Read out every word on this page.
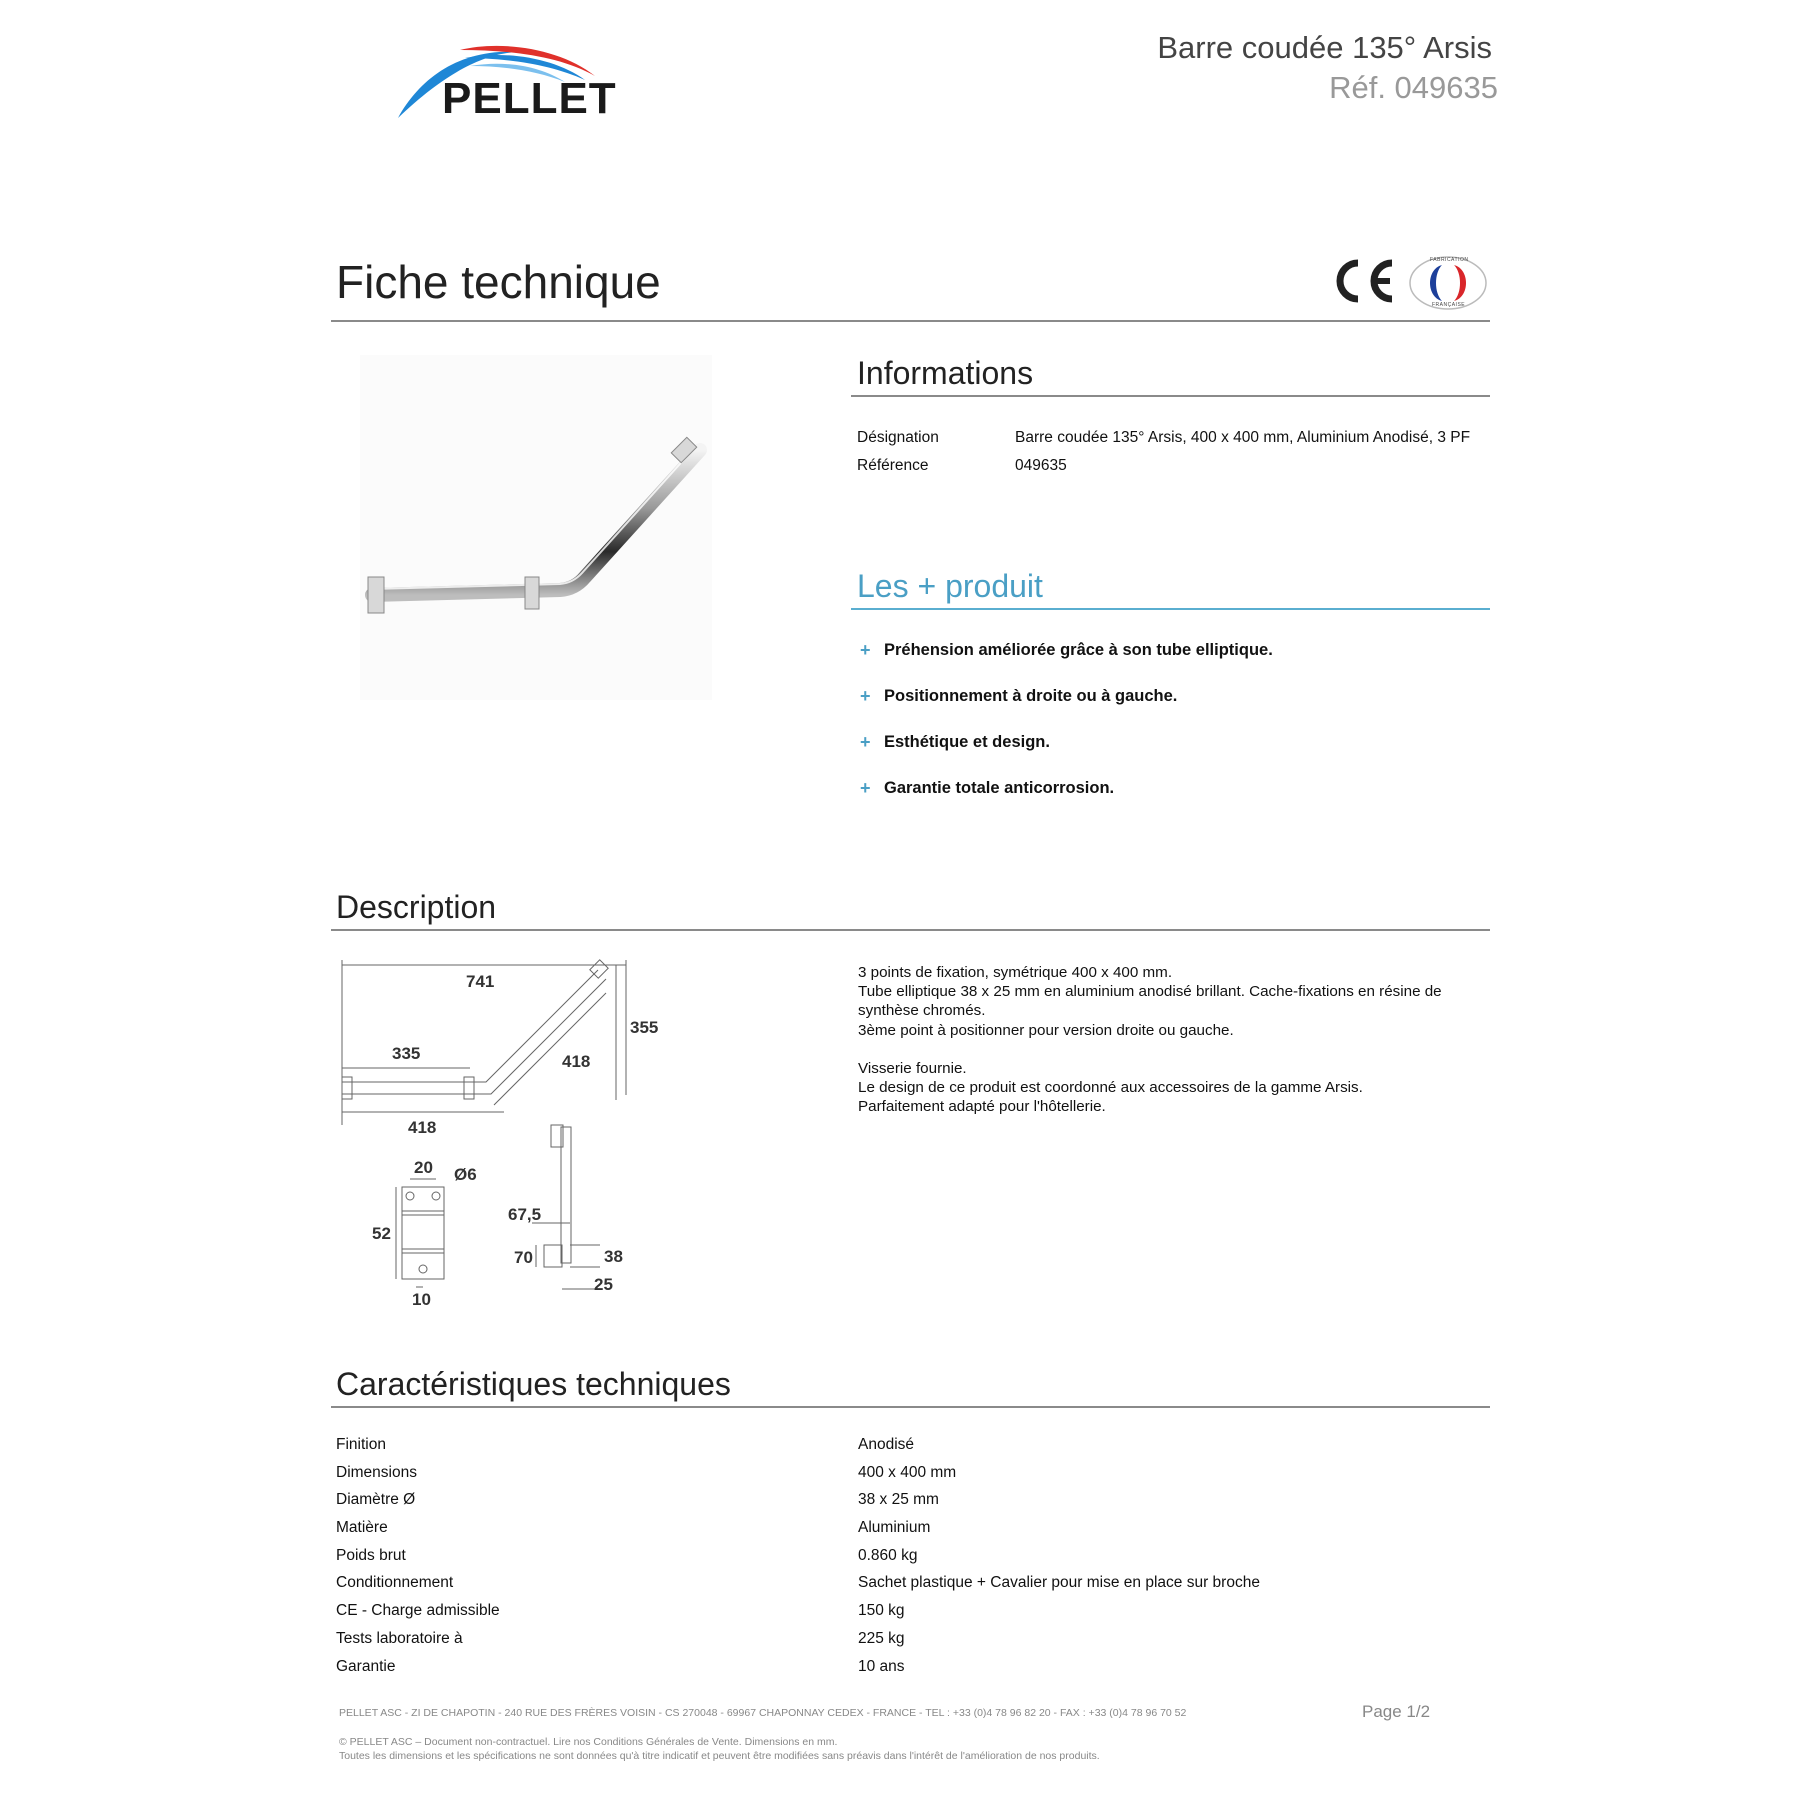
PELLET
Barre coudée 135° Arsis
Réf. 049635
Fiche technique	FABRICATION
FRANÇAISE
Informations
Désignation	Barre coudée 135° Arsis, 400 x 400 mm, Aluminium Anodisé, 3 PF
Référence	049635
Les + produit
+ Préhension améliorée grâce à son tube elliptique.
+ Positionnement à droite ou à gauche.
+ Esthétique et design.
+ Garantie totale anticorrosion.
Description
741
355
335	418
418
20 Ø6
52
10
67,5
70	38
25

3 points de fixation, symétrique 400 x 400 mm.

Tube elliptique 38 x 25 mm en aluminium anodisé brillant. Cache-fixations en résine de synthèse chromés.

3ème point à positionner pour version droite ou gauche.

Visserie fournie.

Le design de ce produit est coordonné aux accessoires de la gamme Arsis.

Parfaitement adapté pour l'hôtellerie.

Caractéristiques techniques
Finition	Anodisé
Dimensions	400 x 400 mm
Diamètre Ø	38 x 25 mm
Matière	Aluminium
Poids brut	0.860 kg
Conditionnement	Sachet plastique + Cavalier pour mise en place sur broche
CE - Charge admissible	150 kg
Tests laboratoire à	225 kg
Garantie	10 ans
PELLET ASC - ZI DE CHAPOTIN - 240 RUE DES FRÈRES VOISIN - CS 270048 - 69967 CHAPONNAY CEDEX - FRANCE - TEL : +33 (0)4 78 96 82 20 - FAX : +33 (0)4 78 96 70 52	Page 1/2

© PELLET ASC – Document non-contractuel. Lire nos Conditions Générales de Vente. Dimensions en mm.

Toutes les dimensions et les spécifications ne sont données qu'à titre indicatif et peuvent être modifiées sans préavis dans l'intérêt de l'amélioration de nos produits.
